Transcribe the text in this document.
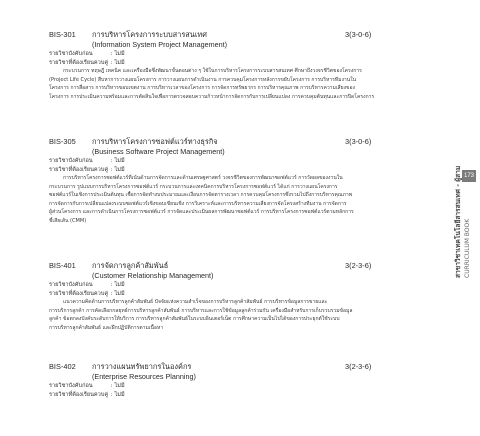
BIS-301 การบริหารโครงการระบบสารสนเทศ	3(3-0-6)
(Information System Project Management)
รายวิชาบังคับก่อน	: ไม่มี
รายวิชาที่ต้องเรียนควบคู่ : ไม่มี
กระบวนการ ทฤษฎี เทคนิค และเครื่องมือซึ่งพัฒนาขั้นตอนต่าง ๆ ใช้ในการบริหารโครงการระบบสารสนเทศ ศึกษาถึงวงจรชีวิตของโครงการ
(Project Life Cycle) สืบหาการวางแผนโครงการ การวางแผนการดำเนินงาน การควบคุมโครงการหลังการขยับโครงการ การบริหารทีมงานใน
โครงการ การสื่อสาร การบริหารขอบเขตงาน การบริหารเวลาของโครงการ การจัดการทรัพยากร การบริหารคุณภาพ การบริหารความเสี่ยงของ
โครงการ การประเมินความพร้อมและการตัดสินใจเพื่อการตรวจสอบความก้าวหน้าการจัดการกับการเปลี่ยนแปลง การควบคุมต้นทุนและการปิดโครงการ
BIS-305 การบริหารโครงการซอฟต์แวร์ทางธุรกิจ	3(3-0-6)
(Business Software Project Management)
รายวิชาบังคับก่อน	: ไม่มี
รายวิชาที่ต้องเรียนควบคู่ : ไม่มี
การบริหารโครงการซอฟต์แวร์ที่เน้นด้านการจัดการและด้านเศรษฐศาสตร์ วงจรชีวิตของการพัฒนาซอฟต์แวร์ การวัดผลของงานใน
กระบวนการ รูปแบบการบริหารโครงการซอฟต์แวร์ กระบวนการและเทคนิคการบริหารโครงการซอฟต์แวร์ ได้แก่ การวางแผนโครงการ
ซอฟต์แวร์ในเชิงการประเมินต้นทุน เชื้อการจัดทำงบประมาณและเงื่อนการจัดตารางเวลา การควบคุมโครงการซึ่งรวมไปถึงการบริหารคุณภาพ
การจัดการกับการเปลี่ยนแปลงระบบซอฟต์แวร์เชิงขอบเขียนเชิง การวิเคราะห์และการบริหารความเสี่ยงการจัดโครงสร้างทีมงาน การจัดการ
ผู้ส่วนโครงการ และการดำเนินการโครงการซอฟต์แวร์ การจัดและประเมินผลการพัฒนาซอฟต์แวร์ การบริหารโครงการซอฟต์แวร์ตามหลักการ
ชี้เสียเส้น (CMM)
BIS-401 การจัดการลูกค้าสัมพันธ์	3(2-3-6)
(Customer Relationship Management)
รายวิชาบังคับก่อน	: ไม่มี
รายวิชาที่ต้องเรียนควบคู่ : ไม่มี
แนวความคิดด้านการบริหารลูกค้าสัมพันธ์ ปัจจัยแห่งความสำเร็จของการบริหารลูกค้าสัมพันธ์ การบริหารข้อมูลการขายและ
การบริการลูกค้า การคัดเลือกกลยุทธ์การบริหารลูกค้าสัมพันธ์ การบริหารและการใช้ข้อมูลลูกค้าร่วมกัน เครื่องมือสำหรับการเก็บรวบรวมข้อมูล
ลูกค้า ข้อตกลงบังคับระดับการให้บริการ การบริหารลูกค้าสัมพันธ์ในระบบอินเตอร์เน็ต การศึกษาความเป็นไปได้ของการประยุกต์ใช้ระบบ
การบริหารลูกค้าสัมพันธ์ และฝึกปฏิบัติการตามเนื้อหา
BIS-402 การวางแผนทรัพยากรในองค์กร	3(2-3-6)
(Enterprise Resources Planning)
รายวิชาบังคับก่อน	: ไม่มี
รายวิชาที่ต้องเรียนควบคู่ : ไม่มี
สาขาวิชาเทคโนโลยีสารสนเทศ - ผู้สาม CURRICULUM BOOK
173
